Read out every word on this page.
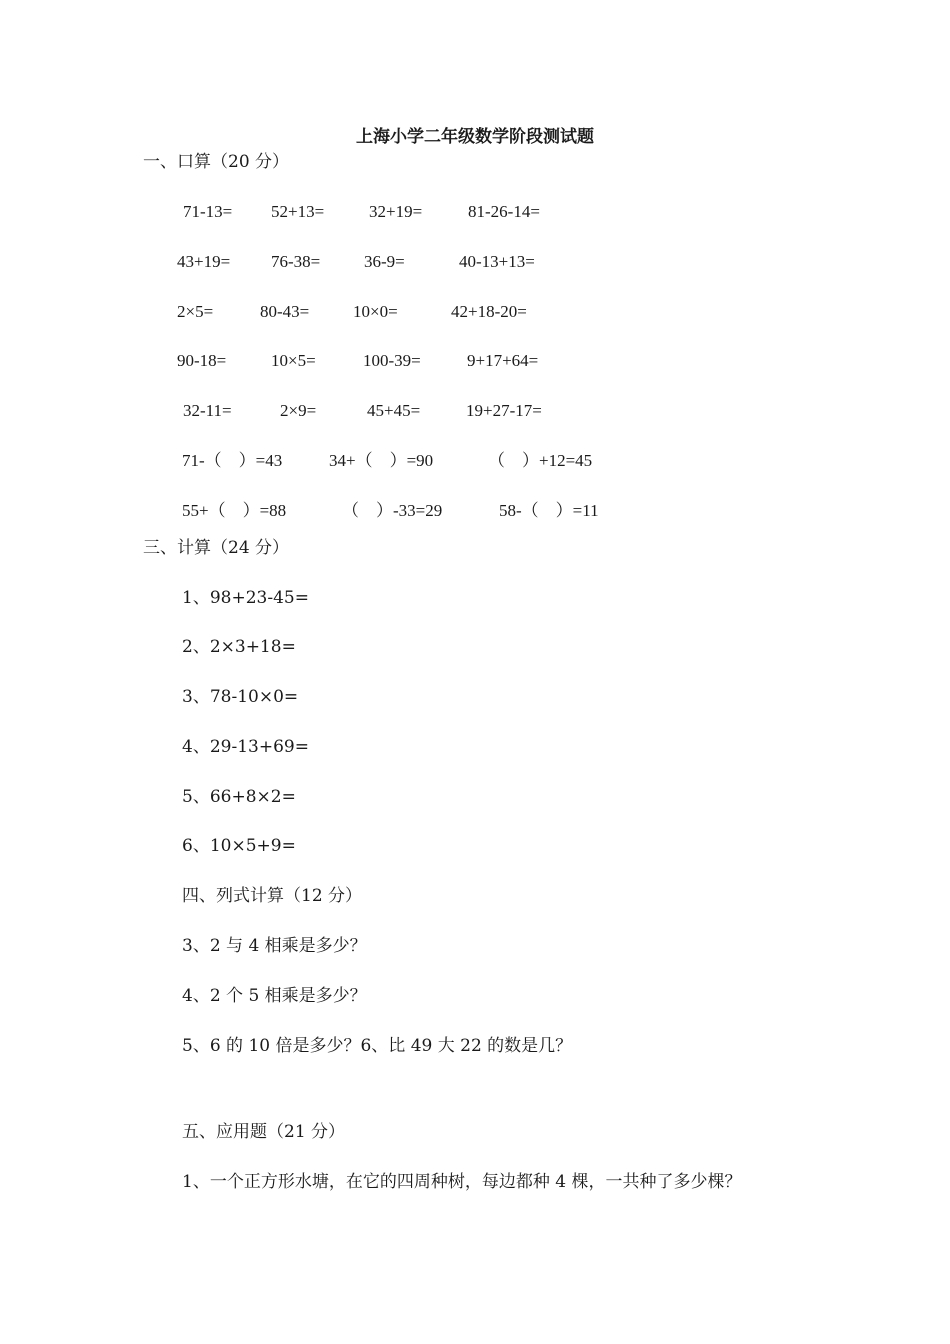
上海小学二年级数学阶段测试题
一、口算（20 分）
71-13= 52+13=	32+19=	81-26-14=
43+19= 76-38=	36-9=	40-13+13=
2×5=	80-43=	10×0=	42+18-20=
90-18=	10×5=	100-39=	9+17+64=
32-11=	2×9=	45+45=	19+27-17=
71-（　）=43	34+（　）=90	（　）+12=45
55+（　）=88	（　）-33=29	58-（　）=11
三、计算（24 分）
1、98+23-45=
2、2×3+18=
3、78-10×0=
4、29-13+69=
5、66+8×2=
6、10×5+9=
四、列式计算（12 分）
3、2 与 4 相乘是多少？
4、2 个 5 相乘是多少？
5、6 的 10 倍是多少？6、比 49 大 22 的数是几？
五、应用题（21 分）
1、一个正方形水塘，在它的四周种树，每边都种 4 棵，一共种了多少棵？
